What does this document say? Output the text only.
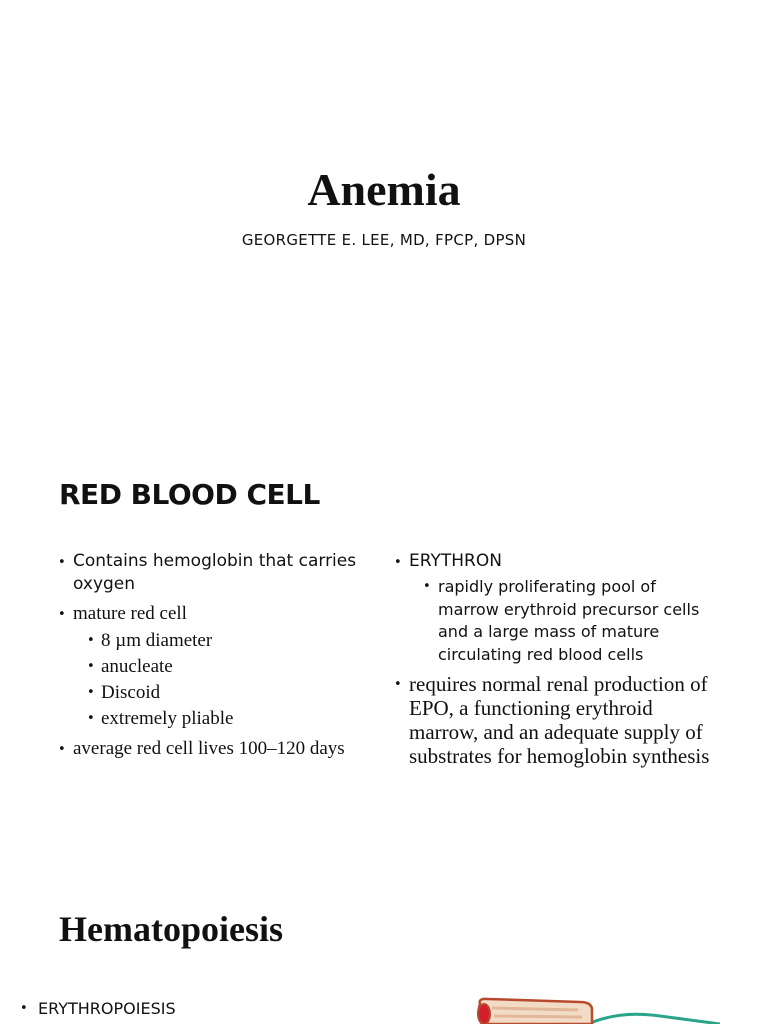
Anemia
GEORGETTE E. LEE, MD, FPCP, DPSN
RED BLOOD CELL
• Contains hemoglobin that carries oxygen
• mature red cell
• 8 µm diameter
• anucleate
• Discoid
• extremely pliable
• average red cell lives 100–120 days
• ERYTHRON
• rapidly proliferating pool of marrow erythroid precursor cells and a large mass of mature circulating red blood cells
• requires normal renal production of EPO, a functioning erythroid marrow, and an adequate supply of substrates for hemoglobin synthesis
Hematopoiesis
• ERYTHROPOIESIS
